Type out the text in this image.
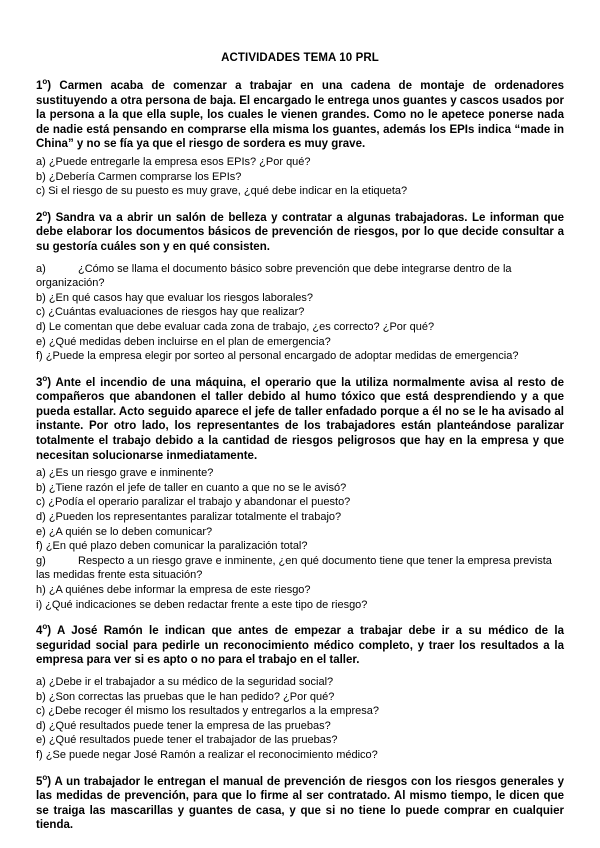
ACTIVIDADES TEMA 10 PRL

1$^o$) Carmen acaba de comenzar a trabajar en una cadena de montaje de ordenadores sustituyendo a otra persona de baja. El encargado le entrega unos guantes y cascos usados por la persona a la que ella suple, los cuales le vienen grandes. Como no le apetece ponerse nada de nadie está pensando en comprarse ella misma los guantes, además los EPIs indica “made in China” y no se fía ya que el riesgo de sordera es muy grave.

a) ¿Puede entregarle la empresa esos EPIs? ¿Por qué?
b) ¿Debería Carmen comprarse los EPIs?
c) Si el riesgo de su puesto es muy grave, ¿qué debe indicar en la etiqueta?

2$^o$) Sandra va a abrir un salón de belleza y contratar a algunas trabajadoras. Le informan que debe elaborar los documentos básicos de prevención de riesgos, por lo que decide consultar a su gestoría cuáles son y en qué consisten.

a)	¿Cómo se llama el documento básico sobre prevención que debe integrarse dentro de la organización?
b) ¿En qué casos hay que evaluar los riesgos laborales?
c) ¿Cuántas evaluaciones de riesgos hay que realizar?
d) Le comentan que debe evaluar cada zona de trabajo, ¿es correcto? ¿Por qué?
e) ¿Qué medidas deben incluirse en el plan de emergencia?
f) ¿Puede la empresa elegir por sorteo al personal encargado de adoptar medidas de emergencia?

3$^o$) Ante el incendio de una máquina, el operario que la utiliza normalmente avisa al resto de compañeros que abandonen el taller debido al humo tóxico que está desprendiendo y a que pueda estallar. Acto seguido aparece el jefe de taller enfadado porque a él no se le ha avisado al instante. Por otro lado, los representantes de los trabajadores están planteándose paralizar totalmente el trabajo debido a la cantidad de riesgos peligrosos que hay en la empresa y que necesitan solucionarse inmediatamente.

a) ¿Es un riesgo grave e inminente?
b) ¿Tiene razón el jefe de taller en cuanto a que no se le avisó?
c) ¿Podía el operario paralizar el trabajo y abandonar el puesto?
d) ¿Pueden los representantes paralizar totalmente el trabajo?
e) ¿A quién se lo deben comunicar?
f) ¿En qué plazo deben comunicar la paralización total?
g)	Respecto a un riesgo grave e inminente, ¿en qué documento tiene que tener la empresa prevista las medidas frente esta situación?
h) ¿A quiénes debe informar la empresa de este riesgo?
i) ¿Qué indicaciones se deben redactar frente a este tipo de riesgo?

4$^o$) A José Ramón le indican que antes de empezar a trabajar debe ir a su médico de la seguridad social para pedirle un reconocimiento médico completo, y traer los resultados a la empresa para ver si es apto o no para el trabajo en el taller.

a) ¿Debe ir el trabajador a su médico de la seguridad social?
b) ¿Son correctas las pruebas que le han pedido? ¿Por qué?
c) ¿Debe recoger él mismo los resultados y entregarlos a la empresa?
d) ¿Qué resultados puede tener la empresa de las pruebas?
e) ¿Qué resultados puede tener el trabajador de las pruebas?
f) ¿Se puede negar José Ramón a realizar el reconocimiento médico?

5$^o$) A un trabajador le entregan el manual de prevención de riesgos con los riesgos generales y las medidas de prevención, para que lo firme al ser contratado. Al mismo tiempo, le dicen que se traiga las mascarillas y guantes de casa, y que si no tiene lo puede comprar en cualquier tienda.
